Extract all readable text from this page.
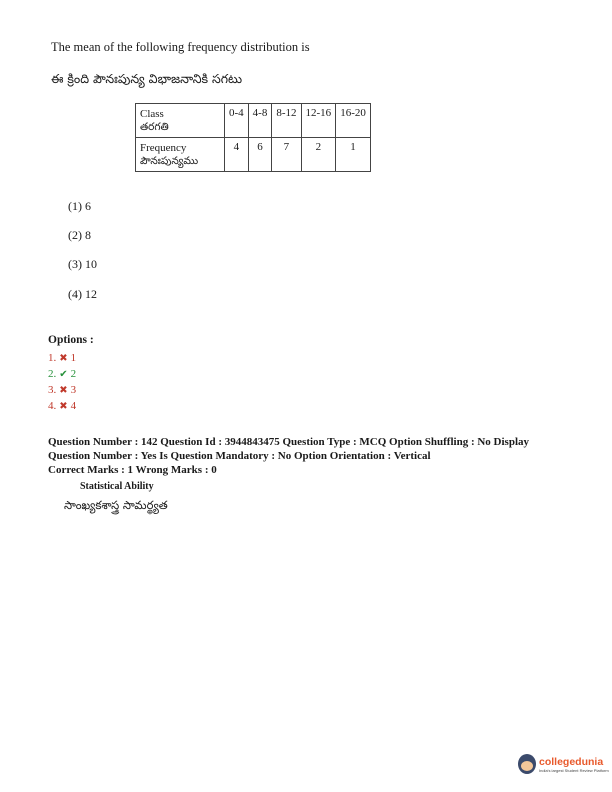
The mean of the following frequency distribution is
ఈ క్రింది పౌనఃపున్య విభాజనానికి సగటు
Class
తరగతి	0-4	4-8	8-12	12-16	16-20

Frequency
పౌనఃపున్యము	4	6	7	2	1
(1) 6
(2) 8
(3) 10
(4) 12
Options :
1. ✖ 1
2. ✔ 2
3. ✖ 3
4. ✖ 4
Question Number : 142 Question Id : 3944843475 Question Type : MCQ Option Shuffling : No Display
Question Number : Yes Is Question Mandatory : No Option Orientation : Vertical
Correct Marks : 1 Wrong Marks : 0
Statistical Ability
సాంఖ్యకశాస్త్ర సామర్థ్యత
collegedunia
India's largest Student Review Platform
